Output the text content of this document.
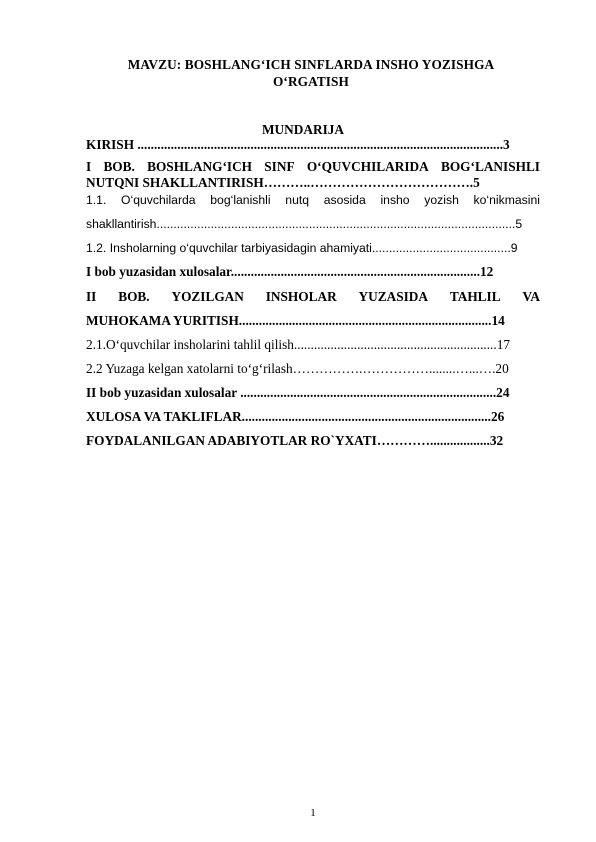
MAVZU: BOSHLANG‘ICH SINFLARDA INSHO YOZISHGA
O‘RGATISH
MUNDARIJA
KIRISH ..............................................................................................................3
I BOB. BOSHLANG‘ICH SINF O‘QUVCHILARIDA BOG‘LANISHLI
NUTQNI SHAKLLANTIRISH………..……………………………….5
1.1. O‘quvchilarda bog‘lanishli nutq asosida insho yozish ko‘nikmasini
shakllantirish..........................................................................................................5
1.2. Insholarning o‘quvchilar tarbiyasidagin ahamiyati.........................................9
I bob yuzasidan xulosalar...........................................................................12
II BOB. YOZILGAN INSHOLAR YUZASIDA TAHLIL VA
MUHOKAMA YURITISH............................................................................14
2.1.O‘quvchilar insholarini tahlil qilish.............................................................17
2.2 Yuzaga kelgan xatolarni to‘g‘rilash…………….……………........…...….20
II bob yuzasidan xulosalar .............................................................................24
XULOSA VA TAKLIFLAR...........................................................................26
FOYDALANILGAN ADABIYOTLAR RO`YXATI…………..................32
1
